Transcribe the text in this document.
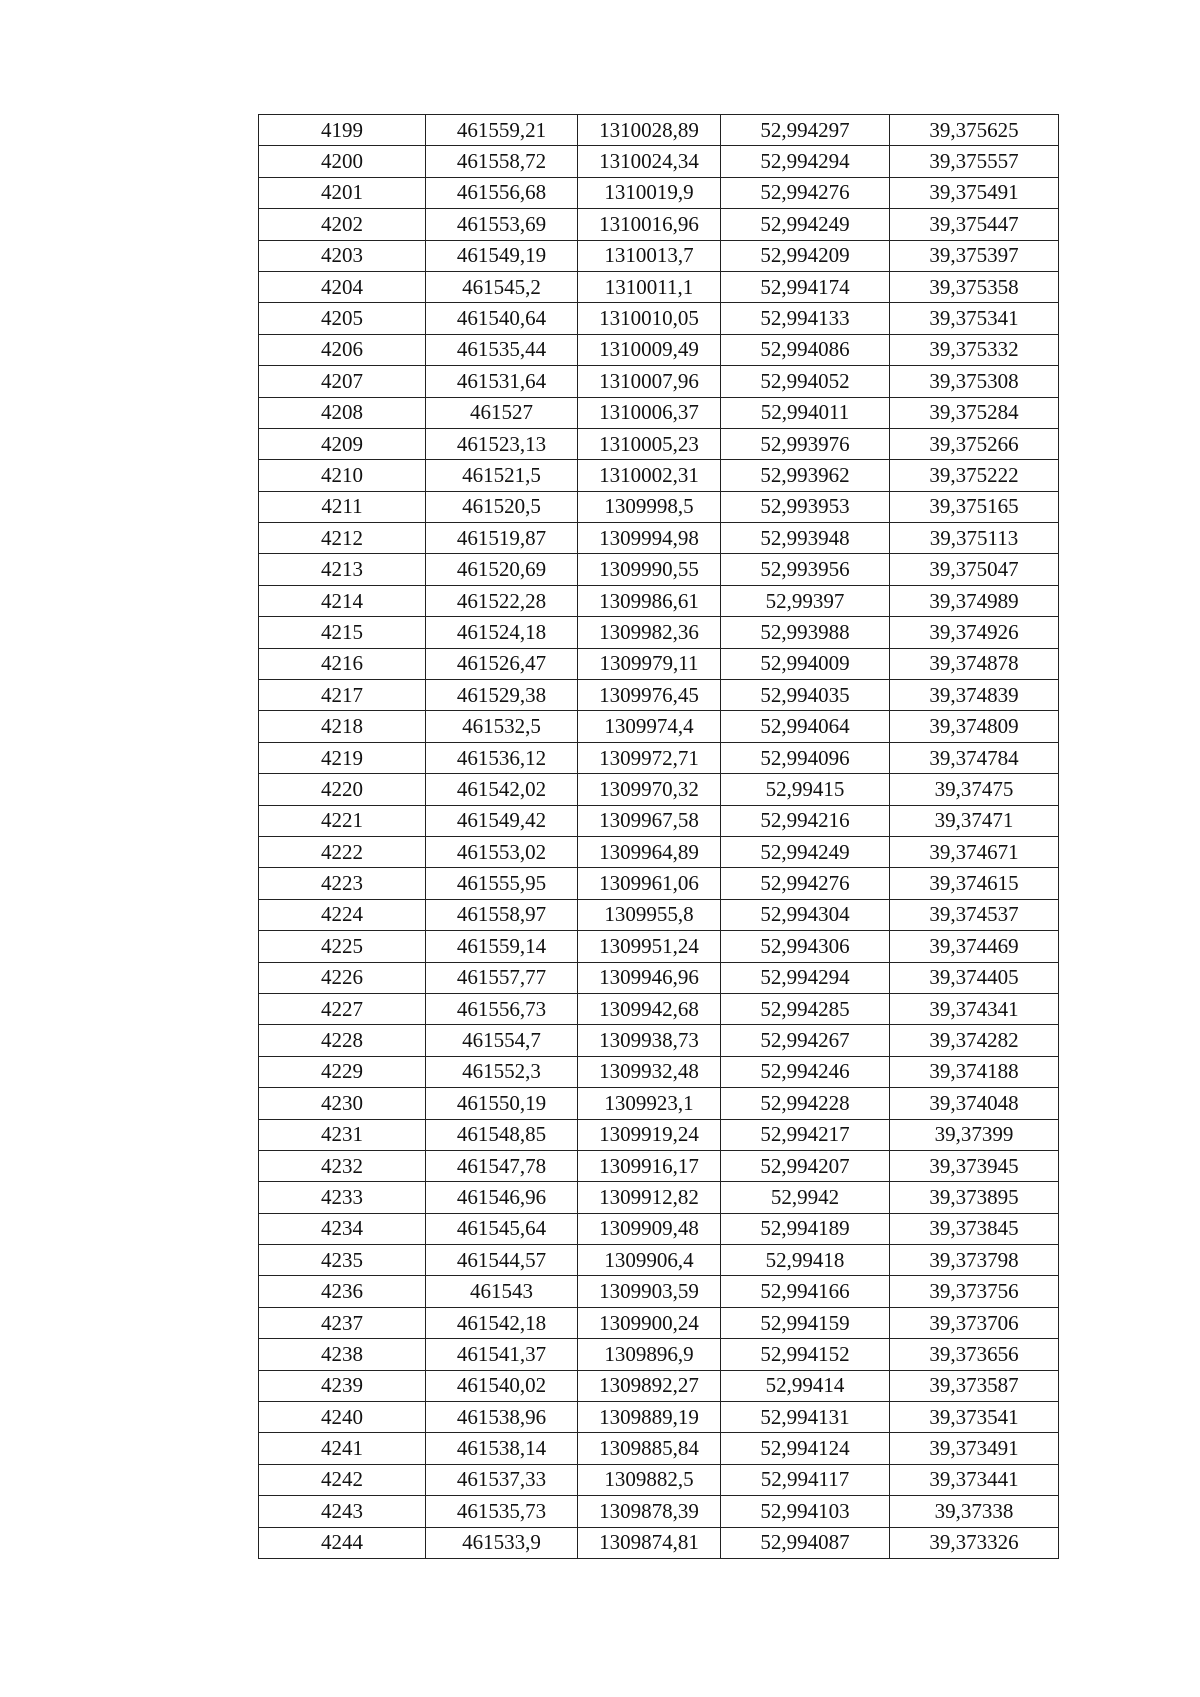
4199	461559,21	1310028,89	52,994297	39,375625
4200	461558,72	1310024,34	52,994294	39,375557
4201	461556,68	1310019,9	52,994276	39,375491
4202	461553,69	1310016,96	52,994249	39,375447
4203	461549,19	1310013,7	52,994209	39,375397
4204	461545,2	1310011,1	52,994174	39,375358
4205	461540,64	1310010,05	52,994133	39,375341
4206	461535,44	1310009,49	52,994086	39,375332
4207	461531,64	1310007,96	52,994052	39,375308
4208	461527	1310006,37	52,994011	39,375284
4209	461523,13	1310005,23	52,993976	39,375266
4210	461521,5	1310002,31	52,993962	39,375222
4211	461520,5	1309998,5	52,993953	39,375165
4212	461519,87	1309994,98	52,993948	39,375113
4213	461520,69	1309990,55	52,993956	39,375047
4214	461522,28	1309986,61	52,99397	39,374989
4215	461524,18	1309982,36	52,993988	39,374926
4216	461526,47	1309979,11	52,994009	39,374878
4217	461529,38	1309976,45	52,994035	39,374839
4218	461532,5	1309974,4	52,994064	39,374809
4219	461536,12	1309972,71	52,994096	39,374784
4220	461542,02	1309970,32	52,99415	39,37475
4221	461549,42	1309967,58	52,994216	39,37471
4222	461553,02	1309964,89	52,994249	39,374671
4223	461555,95	1309961,06	52,994276	39,374615
4224	461558,97	1309955,8	52,994304	39,374537
4225	461559,14	1309951,24	52,994306	39,374469
4226	461557,77	1309946,96	52,994294	39,374405
4227	461556,73	1309942,68	52,994285	39,374341
4228	461554,7	1309938,73	52,994267	39,374282
4229	461552,3	1309932,48	52,994246	39,374188
4230	461550,19	1309923,1	52,994228	39,374048
4231	461548,85	1309919,24	52,994217	39,37399
4232	461547,78	1309916,17	52,994207	39,373945
4233	461546,96	1309912,82	52,9942	39,373895
4234	461545,64	1309909,48	52,994189	39,373845
4235	461544,57	1309906,4	52,99418	39,373798
4236	461543	1309903,59	52,994166	39,373756
4237	461542,18	1309900,24	52,994159	39,373706
4238	461541,37	1309896,9	52,994152	39,373656
4239	461540,02	1309892,27	52,99414	39,373587
4240	461538,96	1309889,19	52,994131	39,373541
4241	461538,14	1309885,84	52,994124	39,373491
4242	461537,33	1309882,5	52,994117	39,373441
4243	461535,73	1309878,39	52,994103	39,37338
4244	461533,9	1309874,81	52,994087	39,373326
